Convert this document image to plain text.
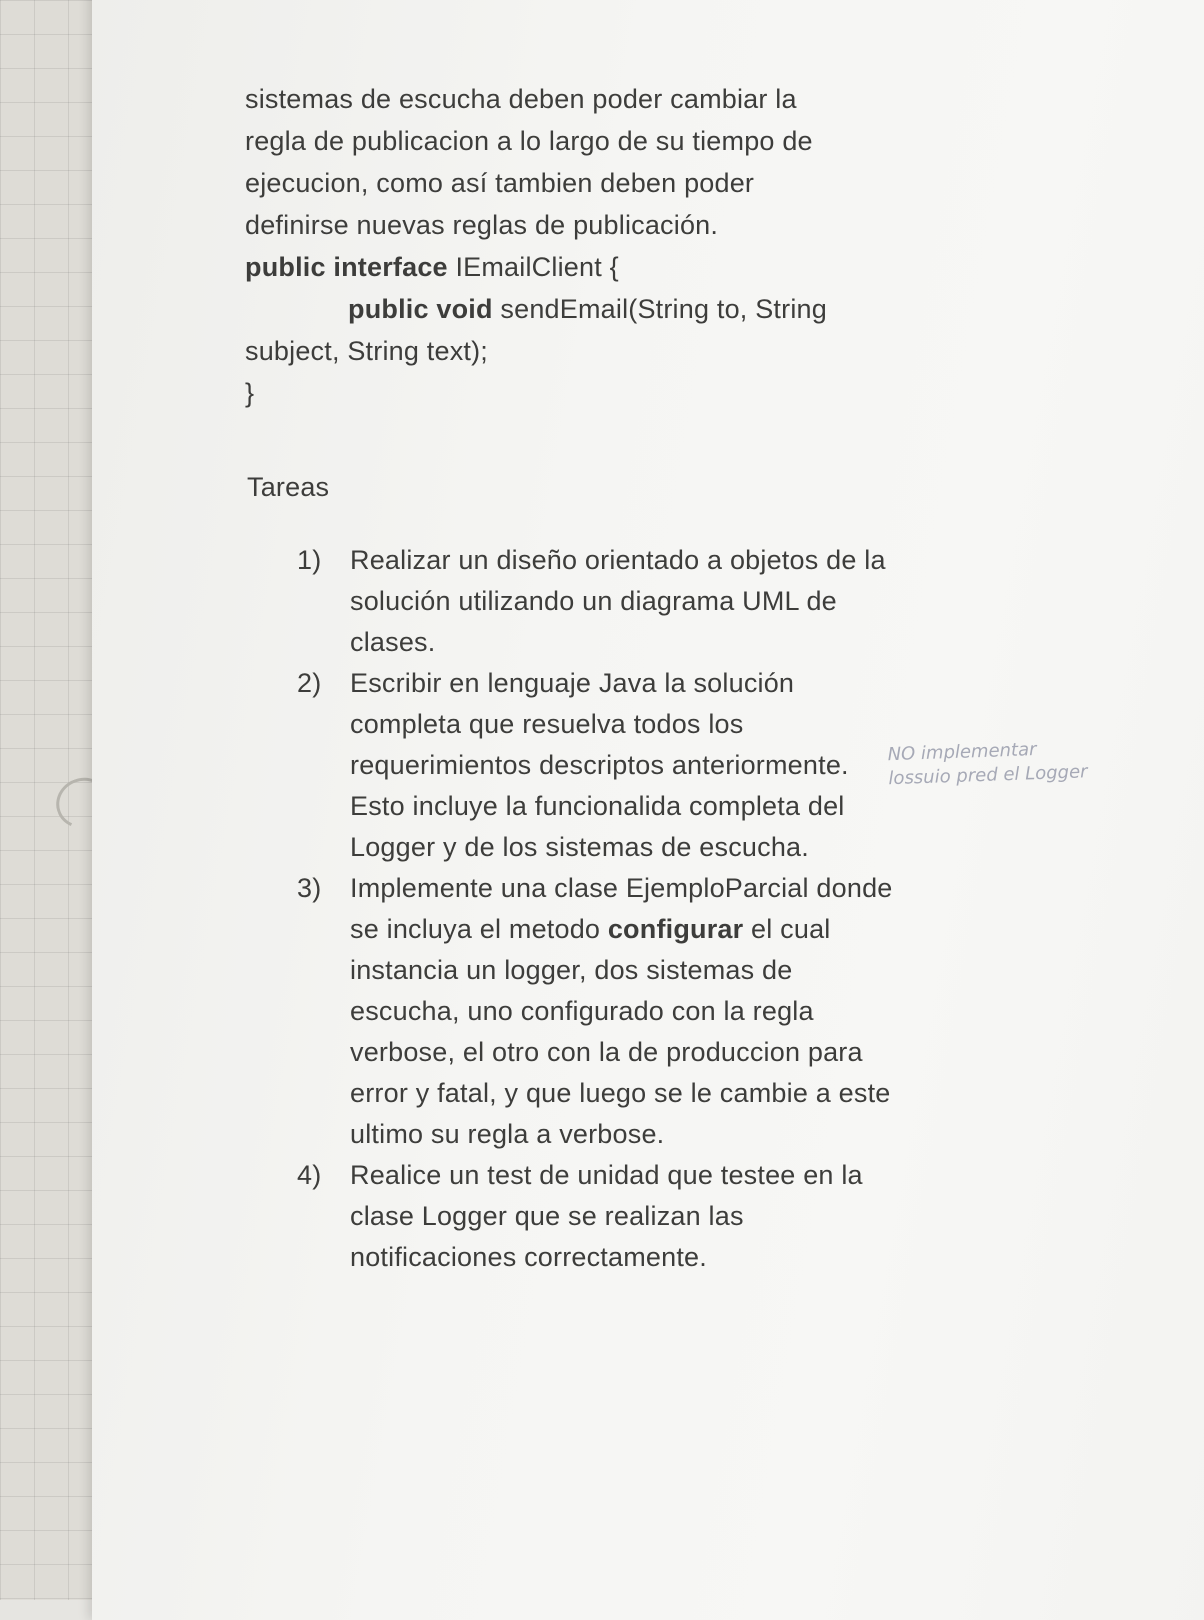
sistemas de escucha deben poder cambiar la

regla de publicacion a lo largo de su tiempo de

ejecucion, como así tambien deben poder

definirse nuevas reglas de publicación.

public interface IEmailClient {

public void sendEmail(String to, String

subject, String text);

}

Tareas

1) Realizar un diseño orientado a objetos de la solución utilizando un diagrama UML de clases.
2) Escribir en lenguaje Java la solución completa que resuelva todos los requerimientos descriptos anteriormente. Esto incluye la funcionalida completa del Logger y de los sistemas de escucha.
3) Implemente una clase EjemploParcial donde se incluya el metodo configurar el cual instancia un logger, dos sistemas de escucha, uno configurado con la regla verbose, el otro con la de produccion para error y fatal, y que luego se le cambie a este ultimo su regla a verbose.
4) Realice un test de unidad que testee en la clase Logger que se realizan las notificaciones correctamente.
NO implementar
lossuio pred el Logger
